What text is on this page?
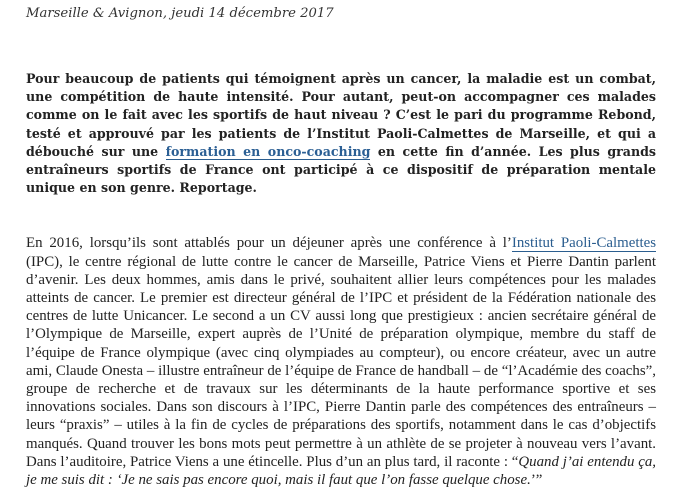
Marseille & Avignon, jeudi 14 décembre 2017

Pour beaucoup de patients qui témoignent après un cancer, la maladie est un combat, une compétition de haute intensité. Pour autant, peut-on accompagner ces malades comme on le fait avec les sportifs de haut niveau ? C’est le pari du programme Rebond, testé et approuvé par les patients de l’Institut Paoli-Calmettes de Marseille, et qui a débouché sur une formation en onco-coaching en cette fin d’année. Les plus grands entraîneurs sportifs de France ont participé à ce dispositif de préparation mentale unique en son genre. Reportage.

En 2016, lorsqu’ils sont attablés pour un déjeuner après une conférence à l’Institut Paoli-Calmettes (IPC), le centre régional de lutte contre le cancer de Marseille, Patrice Viens et Pierre Dantin parlent d’avenir. Les deux hommes, amis dans le privé, souhaitent allier leurs compétences pour les malades atteints de cancer. Le premier est directeur général de l’IPC et président de la Fédération nationale des centres de lutte Unicancer. Le second a un CV aussi long que prestigieux : ancien secrétaire général de l’Olympique de Marseille, expert auprès de l’Unité de préparation olympique, membre du staff de l’équipe de France olympique (avec cinq olympiades au compteur), ou encore créateur, avec un autre ami, Claude Onesta – illustre entraîneur de l’équipe de France de handball – de “l’Académie des coachs”, groupe de recherche et de travaux sur les déterminants de la haute performance sportive et ses innovations sociales. Dans son discours à l’IPC, Pierre Dantin parle des compétences des entraîneurs – leurs “praxis” – utiles à la fin de cycles de préparations des sportifs, notamment dans le cas d’objectifs manqués. Quand trouver les bons mots peut permettre à un athlète de se projeter à nouveau vers l’avant. Dans l’auditoire, Patrice Viens a une étincelle. Plus d’un an plus tard, il raconte : “Quand j’ai entendu ça, je me suis dit : ‘Je ne sais pas encore quoi, mais il faut que l’on fasse quelque chose.’”
